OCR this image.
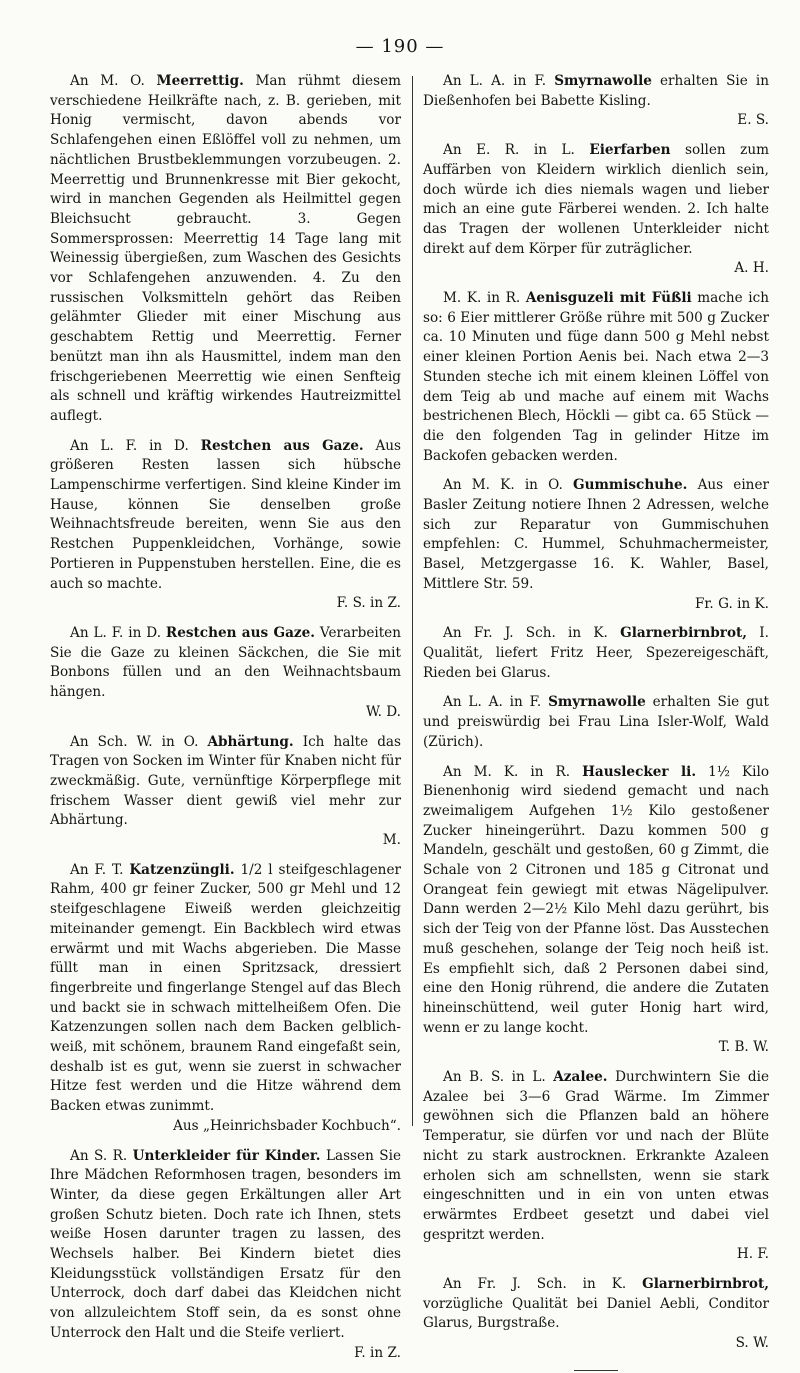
— 190 —

An M. O. Meerrettig. Man rühmt diesem verschiedene Heilkräfte nach, z. B. gerieben, mit Honig vermischt, davon abends vor Schlafengehen einen Eßlöffel voll zu nehmen, um nächtlichen Brustbeklemmungen vorzubeugen. 2. Meerrettig und Brunnenkresse mit Bier gekocht, wird in manchen Gegenden als Heilmittel gegen Bleichsucht gebraucht. 3. Gegen Sommersprossen: Meerrettig 14 Tage lang mit Weinessig übergießen, zum Waschen des Gesichts vor Schlafengehen anzuwenden. 4. Zu den russischen Volksmitteln gehört das Reiben gelähmter Glieder mit einer Mischung aus geschabtem Rettig und Meerrettig. Ferner benützt man ihn als Hausmittel, indem man den frischgeriebenen Meerrettig wie einen Senfteig als schnell und kräftig wirkendes Hautreizmittel auflegt.

An L. F. in D. Restchen aus Gaze. Aus größeren Resten lassen sich hübsche Lampenschirme verfertigen. Sind kleine Kinder im Hause, können Sie denselben große Weihnachtsfreude bereiten, wenn Sie aus den Restchen Puppenkleidchen, Vorhänge, sowie Portieren in Puppenstuben herstellen. Eine, die es auch so machte.

F. S. in Z.

An L. F. in D. Restchen aus Gaze. Verarbeiten Sie die Gaze zu kleinen Säckchen, die Sie mit Bonbons füllen und an den Weihnachtsbaum hängen.

W. D.

An Sch. W. in O. Abhärtung. Ich halte das Tragen von Socken im Winter für Knaben nicht für zweckmäßig. Gute, vernünftige Körperpflege mit frischem Wasser dient gewiß viel mehr zur Abhärtung.

M.

An F. T. Katzenzüngli. 1/2 l steifgeschlagener Rahm, 400 gr feiner Zucker, 500 gr Mehl und 12 steifgeschlagene Eiweiß werden gleichzeitig miteinander gemengt. Ein Backblech wird etwas erwärmt und mit Wachs abgerieben. Die Masse füllt man in einen Spritzsack, dressiert fingerbreite und fingerlange Stengel auf das Blech und backt sie in schwach mittelheißem Ofen. Die Katzenzungen sollen nach dem Backen gelblich-weiß, mit schönem, braunem Rand eingefaßt sein, deshalb ist es gut, wenn sie zuerst in schwacher Hitze fest werden und die Hitze während dem Backen etwas zunimmt.

Aus „Heinrichsbader Kochbuch“.

An S. R. Unterkleider für Kinder. Lassen Sie Ihre Mädchen Reformhosen tragen, besonders im Winter, da diese gegen Erkältungen aller Art großen Schutz bieten. Doch rate ich Ihnen, stets weiße Hosen darunter tragen zu lassen, des Wechsels halber. Bei Kindern bietet dies Kleidungsstück vollständigen Ersatz für den Unterrock, doch darf dabei das Kleidchen nicht von allzuleichtem Stoff sein, da es sonst ohne Unterrock den Halt und die Steife verliert.

F. in Z.

An L. A. in F. Smyrnawolle erhalten Sie in Dießenhofen bei Babette Kisling.

E. S.

An E. R. in L. Eierfarben sollen zum Auffärben von Kleidern wirklich dienlich sein, doch würde ich dies niemals wagen und lieber mich an eine gute Färberei wenden. 2. Ich halte das Tragen der wollenen Unterkleider nicht direkt auf dem Körper für zuträglicher.

A. H.

M. K. in R. Aenisguzeli mit Füßli mache ich so: 6 Eier mittlerer Größe rühre mit 500 g Zucker ca. 10 Minuten und füge dann 500 g Mehl nebst einer kleinen Portion Aenis bei. Nach etwa 2—3 Stunden steche ich mit einem kleinen Löffel von dem Teig ab und mache auf einem mit Wachs bestrichenen Blech, Höckli — gibt ca. 65 Stück — die den folgenden Tag in gelinder Hitze im Backofen gebacken werden.

An M. K. in O. Gummischuhe. Aus einer Basler Zeitung notiere Ihnen 2 Adressen, welche sich zur Reparatur von Gummischuhen empfehlen: C. Hummel, Schuhmachermeister, Basel, Metzgergasse 16. K. Wahler, Basel, Mittlere Str. 59.

Fr. G. in K.

An Fr. J. Sch. in K. Glarnerbirnbrot, I. Qualität, liefert Fritz Heer, Spezereigeschäft, Rieden bei Glarus.

An L. A. in F. Smyrnawolle erhalten Sie gut und preiswürdig bei Frau Lina Isler-Wolf, Wald (Zürich).

An M. K. in R. Hauslecker li. 1½ Kilo Bienenhonig wird siedend gemacht und nach zweimaligem Aufgehen 1½ Kilo gestoßener Zucker hineingerührt. Dazu kommen 500 g Mandeln, geschält und gestoßen, 60 g Zimmt, die Schale von 2 Citronen und 185 g Citronat und Orangeat fein gewiegt mit etwas Nägelipulver. Dann werden 2—2½ Kilo Mehl dazu gerührt, bis sich der Teig von der Pfanne löst. Das Ausstechen muß geschehen, solange der Teig noch heiß ist. Es empfiehlt sich, daß 2 Personen dabei sind, eine den Honig rührend, die andere die Zutaten hineinschüttend, weil guter Honig hart wird, wenn er zu lange kocht.

T. B. W.

An B. S. in L. Azalee. Durchwintern Sie die Azalee bei 3—6 Grad Wärme. Im Zimmer gewöhnen sich die Pflanzen bald an höhere Temperatur, sie dürfen vor und nach der Blüte nicht zu stark austrocknen. Erkrankte Azaleen erholen sich am schnellsten, wenn sie stark eingeschnitten und in ein von unten etwas erwärmtes Erdbeet gesetzt und dabei viel gespritzt werden.

H. F.

An Fr. J. Sch. in K. Glarnerbirnbrot, vorzügliche Qualität bei Daniel Aebli, Conditor Glarus, Burgstraße.

S. W.
